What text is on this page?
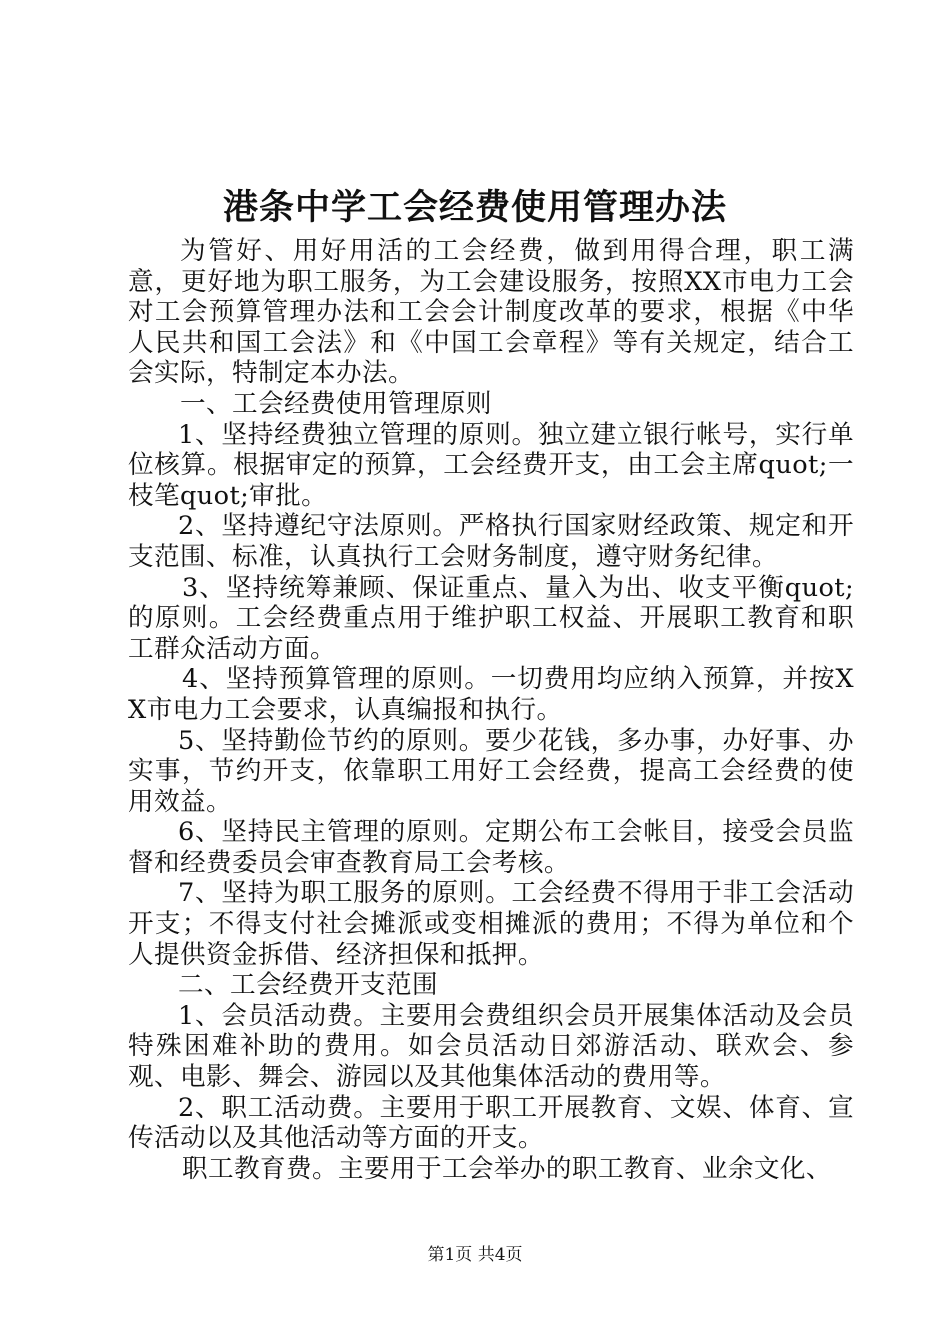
港条中学工会经费使用管理办法

为管好、用好用活的工会经费，做到用得合理，职工满意，更好地为职工服务，为工会建设服务，按照XX市电力工会对工会预算管理办法和工会会计制度改革的要求，根据《中华人民共和国工会法》和《中国工会章程》等有关规定，结合工会实际，特制定本办法。

一、工会经费使用管理原则

1、坚持经费独立管理的原则。独立建立银行帐号，实行单位核算。根据审定的预算，工会经费开支，由工会主席quot;一枝笔quot;审批。

2、坚持遵纪守法原则。严格执行国家财经政策、规定和开支范围、标准，认真执行工会财务制度，遵守财务纪律。

3、坚持统筹兼顾、保证重点、量入为出、收支平衡quot;的原则。工会经费重点用于维护职工权益、开展职工教育和职工群众活动方面。

4、坚持预算管理的原则。一切费用均应纳入预算，并按XX市电力工会要求，认真编报和执行。

5、坚持勤俭节约的原则。要少花钱，多办事，办好事、办实事，节约开支，依靠职工用好工会经费，提高工会经费的使用效益。

6、坚持民主管理的原则。定期公布工会帐目，接受会员监督和经费委员会审查教育局工会考核。

7、坚持为职工服务的原则。工会经费不得用于非工会活动开支；不得支付社会摊派或变相摊派的费用；不得为单位和个人提供资金拆借、经济担保和抵押。

二、工会经费开支范围

1、会员活动费。主要用会费组织会员开展集体活动及会员特殊困难补助的费用。如会员活动日郊游活动、联欢会、参观、电影、舞会、游园以及其他集体活动的费用等。

2、职工活动费。主要用于职工开展教育、文娱、体育、宣传活动以及其他活动等方面的开支。

职工教育费。主要用于工会举办的职工教育、业余文化、

第1页 共4页
